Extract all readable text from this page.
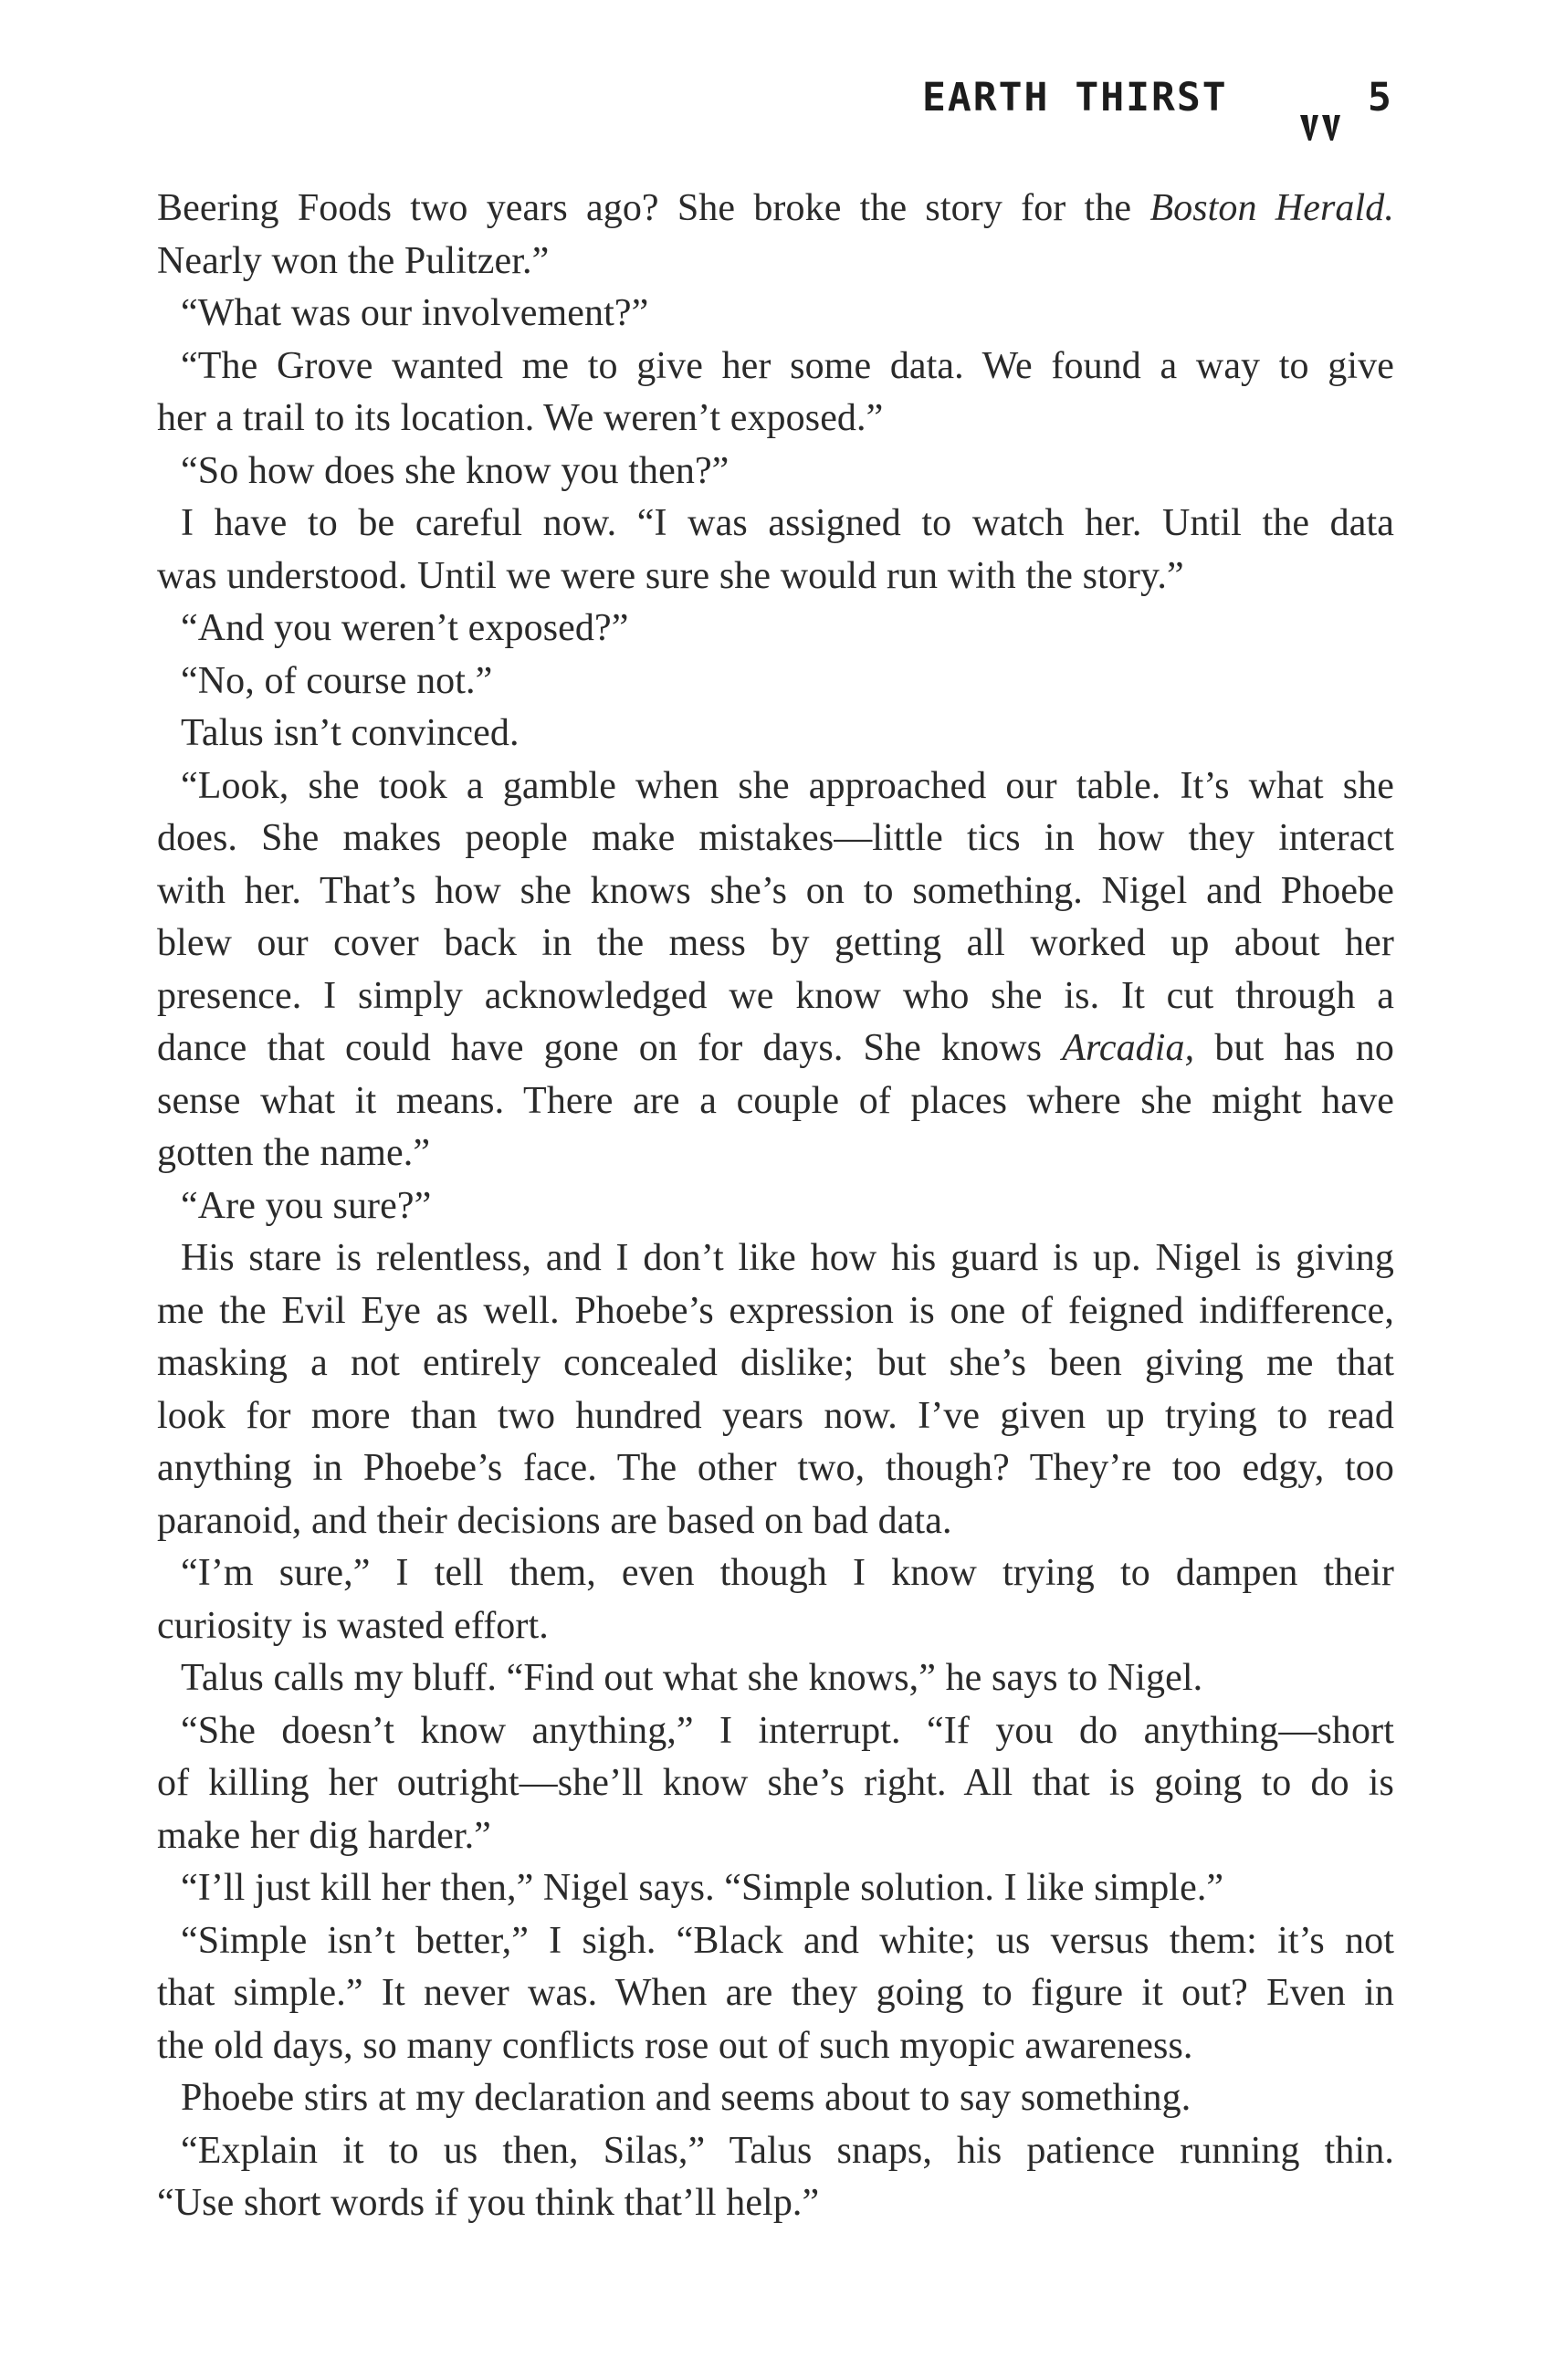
EARTH THIRST	5
Beering Foods two years ago? She broke the story for the Boston Herald.
Nearly won the Pulitzer.”
“What was our involvement?”
“The Grove wanted me to give her some data. We found a way to give
her a trail to its location. We weren’t exposed.”
“So how does she know you then?”
I have to be careful now. “I was assigned to watch her. Until the data
was understood. Until we were sure she would run with the story.”
“And you weren’t exposed?”
“No, of course not.”
Talus isn’t convinced.
“Look, she took a gamble when she approached our table. It’s what she
does. She makes people make mistakes—little tics in how they interact
with her. That’s how she knows she’s on to something. Nigel and Phoebe
blew our cover back in the mess by getting all worked up about her
presence. I simply acknowledged we know who she is. It cut through a
dance that could have gone on for days. She knows Arcadia, but has no
sense what it means. There are a couple of places where she might have
gotten the name.”
“Are you sure?”
His stare is relentless, and I don’t like how his guard is up. Nigel is giving
me the Evil Eye as well. Phoebe’s expression is one of feigned indifference,
masking a not entirely concealed dislike; but she’s been giving me that
look for more than two hundred years now. I’ve given up trying to read
anything in Phoebe’s face. The other two, though? They’re too edgy, too
paranoid, and their decisions are based on bad data.
“I’m sure,” I tell them, even though I know trying to dampen their
curiosity is wasted effort.
Talus calls my bluff. “Find out what she knows,” he says to Nigel.
“She doesn’t know anything,” I interrupt. “If you do anything—short
of killing her outright—she’ll know she’s right. All that is going to do is
make her dig harder.”
“I’ll just kill her then,” Nigel says. “Simple solution. I like simple.”
“Simple isn’t better,” I sigh. “Black and white; us versus them: it’s not
that simple.” It never was. When are they going to figure it out? Even in
the old days, so many conflicts rose out of such myopic awareness.
Phoebe stirs at my declaration and seems about to say something.
“Explain it to us then, Silas,” Talus snaps, his patience running thin.
“Use short words if you think that’ll help.”
